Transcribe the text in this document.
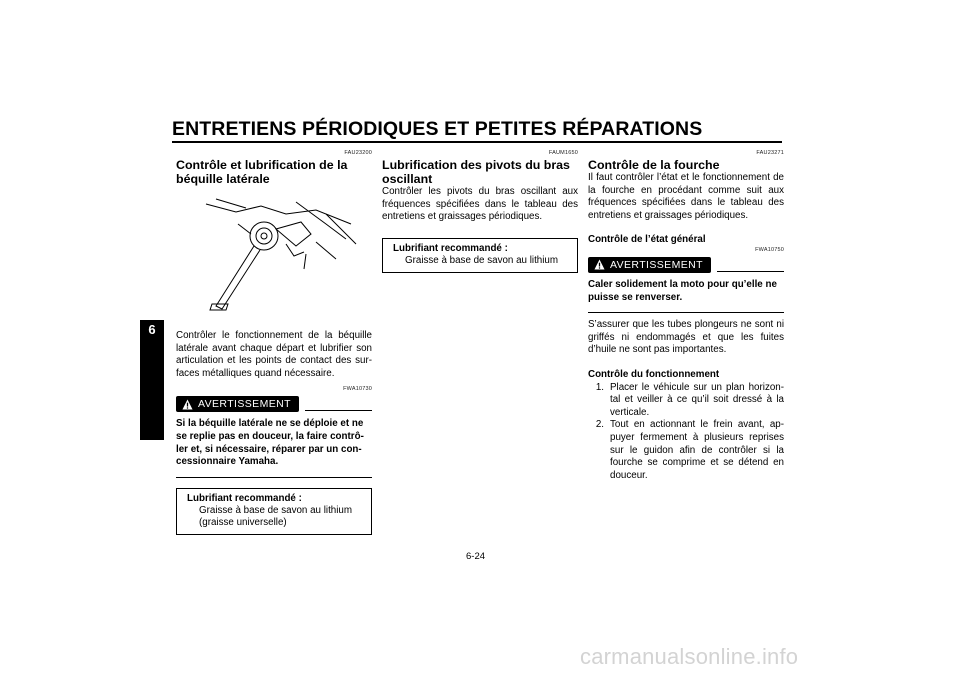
ENTRETIENS PÉRIODIQUES ET PETITES RÉPARATIONS
6
FAU23200
Contrôle et lubrification de la béquille latérale

Contrôler le fonctionnement de la béquille latérale avant chaque départ et lubrifier son articulation et les points de contact des sur-faces métalliques quand nécessaire.

FWA10730
AVERTISSEMENT

Si la béquille latérale ne se déploie et ne se replie pas en douceur, la faire contrô-ler et, si nécessaire, réparer par un con-cessionnaire Yamaha.

Lubrifiant recommandé :
Graisse à base de savon au lithium
(graisse universelle)
FAUM1650
Lubrification des pivots du bras oscillant

Contrôler les pivots du bras oscillant aux fréquences spécifiées dans le tableau des entretiens et graissages périodiques.

Lubrifiant recommandé :
Graisse à base de savon au lithium
FAU23271
Contrôle de la fourche

Il faut contrôler l’état et le fonctionnement de la fourche en procédant comme suit aux fréquences spécifiées dans le tableau des entretiens et graissages périodiques.

Contrôle de l’état général
FWA10750
AVERTISSEMENT

Caler solidement la moto pour qu’elle ne puisse se renverser.

S’assurer que les tubes plongeurs ne sont ni griffés ni endommagés et que les fuites d’huile ne sont pas importantes.

Contrôle du fonctionnement
1. Placer le véhicule sur un plan horizon-tal et veiller à ce qu’il soit dressé à la verticale.
2. Tout en actionnant le frein avant, ap-puyer fermement à plusieurs reprises sur le guidon afin de contrôler si la fourche se comprime et se détend en douceur.
6-24
carmanualsonline.info
